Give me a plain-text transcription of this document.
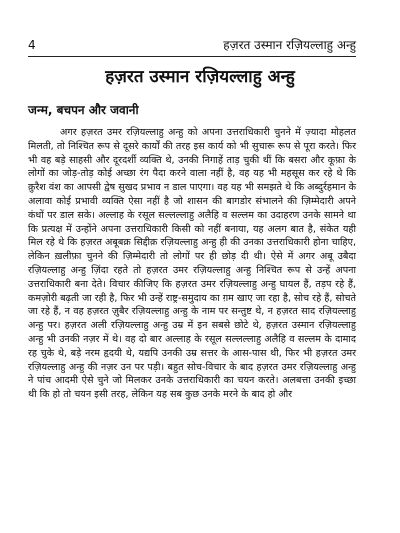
4	हज़रत उस्मान रज़ियल्लाहु अन्हु
हज़रत उस्मान रज़ियल्लाहु अन्हु
जन्म, बचपन और जवानी

अगर हज़रत उमर रज़ियल्लाहु अन्हु को अपना उत्तराधिकारी चुनने में ज़्यादा मोहलत मिलती, तो निश्चित रूप से दूसरे कार्यों की तरह इस कार्य को भी सुचारू रूप से पूरा करते। फिर भी वह बड़े साहसी और दूरदर्शी व्यक्ति थे, उनकी निगाहें ताड़ चुकी थीं कि बसरा और कूफ़ा के लोगों का जोड़-तोड़ कोई अच्छा रंग पैदा करने वाला नहीं है, वह यह भी महसूस कर रहे थे कि क़ुरैश वंश का आपसी द्वेष सुखद प्रभाव न डाल पाएगा। वह यह भी समझते थे कि अब्दुर्रहमान के अलावा कोई प्रभावी व्यक्ति ऐसा नहीं है जो शासन की बागडोर संभालने की ज़िम्मेदारी अपने कंधों पर डाल सके। अल्लाह के रसूल सल्लल्लाहु अलैहि व सल्लम का उदाहरण उनके सामने था कि प्रत्यक्ष में उन्होंने अपना उत्तराधिकारी किसी को नहीं बनाया, यह अलग बात है, संकेत यही मिल रहे थे कि हज़रत अबूबक्र सिद्दीक़ रज़ियल्लाहु अन्हु ही की उनका उत्तराधिकारी होना चाहिए, लेकिन ख़लीफ़ा चुनने की ज़िम्मेदारी तो लोगों पर ही छोड़ दी थी। ऐसे में अगर अबू उबैदा रज़ियल्लाहु अन्हु ज़िंदा रहते तो हज़रत उमर रज़ियल्लाहु अन्हु निश्चित रूप से उन्हें अपना उत्तराधिकारी बना देते। विचार कीजिए कि हज़रत उमर रज़ियल्लाहु अन्हु घायल हैं, तड़प रहे हैं, कमज़ोरी बढ़ती जा रही है, फिर भी उन्हें राष्ट्र-समुदाय का ग़म खाए जा रहा है, सोच रहे हैं, सोचते जा रहे हैं, न वह हज़रत ज़ुबैर रज़ियल्लाहु अन्हु के नाम पर सन्तुष्ट थे, न हज़रत साद रज़ियल्लाहु अन्हु पर। हज़रत अली रज़ियल्लाहु अन्हु उम्र में इन सबसे छोटे थे, हज़रत उस्मान रज़ियल्लाहु अन्हु भी उनकी नज़र में थे। वह दो बार अल्लाह के रसूल सल्लल्लाहु अलैहि व सल्लम के दामाद रह चुके थे, बड़े नरम हृदयी थे, यद्यपि उनकी उम्र सत्तर के आस-पास थी, फिर भी हज़रत उमर रज़ियल्लाहु अन्हु की नज़र उन पर पड़ी। बहुत सोच-विचार के बाद हज़रत उमर रज़ियल्लाहु अन्हु ने पांच आदमी ऐसे चुने जो मिलकर उनके उत्तराधिकारी का चयन करते। अलबत्ता उनकी इच्छा थी कि हो तो चयन इसी तरह, लेकिन यह सब कुछ उनके मरने के बाद हो और
